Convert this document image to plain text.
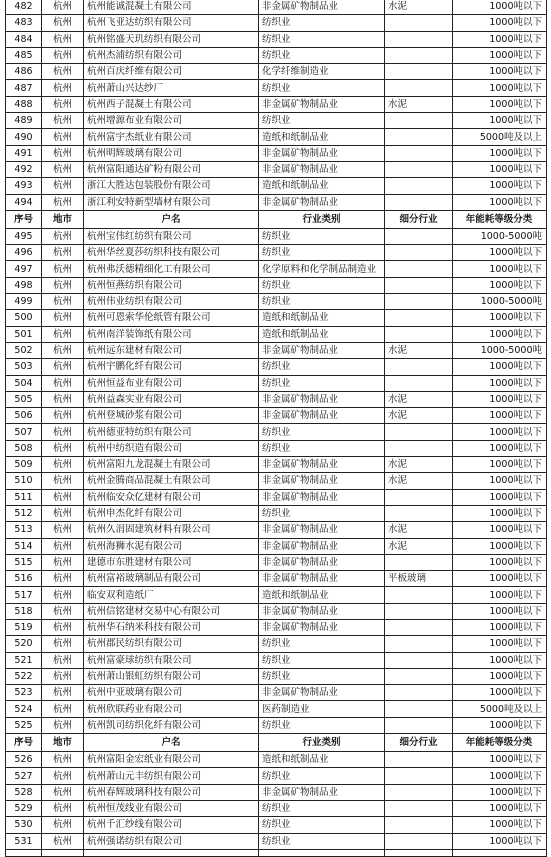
482	杭州	杭州能诚混凝土有限公司	非金属矿物制品业	水泥	1000吨以下
483	杭州	杭州飞亚达纺织有限公司	纺织业		1000吨以下
484	杭州	杭州铭盛天玑纺织有限公司	纺织业		1000吨以下
485	杭州	杭州杰浦纺织有限公司	纺织业		1000吨以下
486	杭州	杭州百庆纤维有限公司	化学纤维制造业		1000吨以下
487	杭州	杭州萧山兴达纱厂	纺织业		1000吨以下
488	杭州	杭州西子混凝土有限公司	非金属矿物制品业	水泥	1000吨以下
489	杭州	杭州增源布业有限公司	纺织业		1000吨以下
490	杭州	杭州富宇杰纸业有限公司	造纸和纸制品业		5000吨及以上
491	杭州	杭州明辉玻璃有限公司	非金属矿物制品业		1000吨以下
492	杭州	杭州富阳通达矿粉有限公司	非金属矿物制品业		1000吨以下
493	杭州	浙江大胜达包装股份有限公司	造纸和纸制品业		1000吨以下
494	杭州	浙江利安特新型墙材有限公司	非金属矿物制品业		1000吨以下
序号	地市	户名	行业类别	细分行业	年能耗等级分类
495	杭州	杭州宝伟红纺织有限公司	纺织业		1000-5000吨
496	杭州	杭州华丝夏莎纺织科技有限公司	纺织业		1000吨以下
497	杭州	杭州弗沃德精细化工有限公司	化学原料和化学制品制造业		1000吨以下
498	杭州	杭州恒燕纺织有限公司	纺织业		1000吨以下
499	杭州	杭州伟业纺织有限公司	纺织业		1000-5000吨
500	杭州	杭州可恩索华伦纸管有限公司	造纸和纸制品业		1000吨以下
501	杭州	杭州南洋装饰纸有限公司	造纸和纸制品业		1000吨以下
502	杭州	杭州远东建材有限公司	非金属矿物制品业	水泥	1000-5000吨
503	杭州	杭州宇鹏化纤有限公司	纺织业		1000吨以下
504	杭州	杭州恒益布业有限公司	纺织业		1000吨以下
505	杭州	杭州益森实业有限公司	非金属矿物制品业	水泥	1000吨以下
506	杭州	杭州登城砂浆有限公司	非金属矿物制品业	水泥	1000吨以下
507	杭州	杭州德亚特纺织有限公司	纺织业		1000吨以下
508	杭州	杭州中纺织造有限公司	纺织业		1000吨以下
509	杭州	杭州富阳九龙混凝土有限公司	非金属矿物制品业	水泥	1000吨以下
510	杭州	杭州金腾商品混凝土有限公司	非金属矿物制品业	水泥	1000吨以下
511	杭州	杭州临安众亿建材有限公司	非金属矿物制品业		1000吨以下
512	杭州	杭州申杰化纤有限公司	纺织业		1000吨以下
513	杭州	杭州久涓固建筑材料有限公司	非金属矿物制品业	水泥	1000吨以下
514	杭州	杭州海狮水泥有限公司	非金属矿物制品业	水泥	1000吨以下
515	杭州	建德市东胜建材有限公司	非金属矿物制品业		1000吨以下
516	杭州	杭州富裕玻璃制品有限公司	非金属矿物制品业	平板玻璃	1000吨以下
517	杭州	临安双利造纸厂	造纸和纸制品业		1000吨以下
518	杭州	杭州信铭建材交易中心有限公司	非金属矿物制品业		1000吨以下
519	杭州	杭州华石纳米科技有限公司	非金属矿物制品业		1000吨以下
520	杭州	杭州郡民纺织有限公司	纺织业		1000吨以下
521	杭州	杭州富豪球纺织有限公司	纺织业		1000吨以下
522	杭州	杭州萧山银虹纺织有限公司	纺织业		1000吨以下
523	杭州	杭州中亚玻璃有限公司	非金属矿物制品业		1000吨以下
524	杭州	杭州欣联药业有限公司	医药制造业		5000吨及以上
525	杭州	杭州凯司纺织化纤有限公司	纺织业		1000吨以下
序号	地市	户名	行业类别	细分行业	年能耗等级分类
526	杭州	杭州富阳金宏纸业有限公司	造纸和纸制品业		1000吨以下
527	杭州	杭州萧山元丰纺织有限公司	纺织业		1000吨以下
528	杭州	杭州春辉玻璃科技有限公司	非金属矿物制品业		1000吨以下
529	杭州	杭州恒茂线业有限公司	纺织业		1000吨以下
530	杭州	杭州千汇纱线有限公司	纺织业		1000吨以下
531	杭州	杭州强诺纺织有限公司	纺织业		1000吨以下
